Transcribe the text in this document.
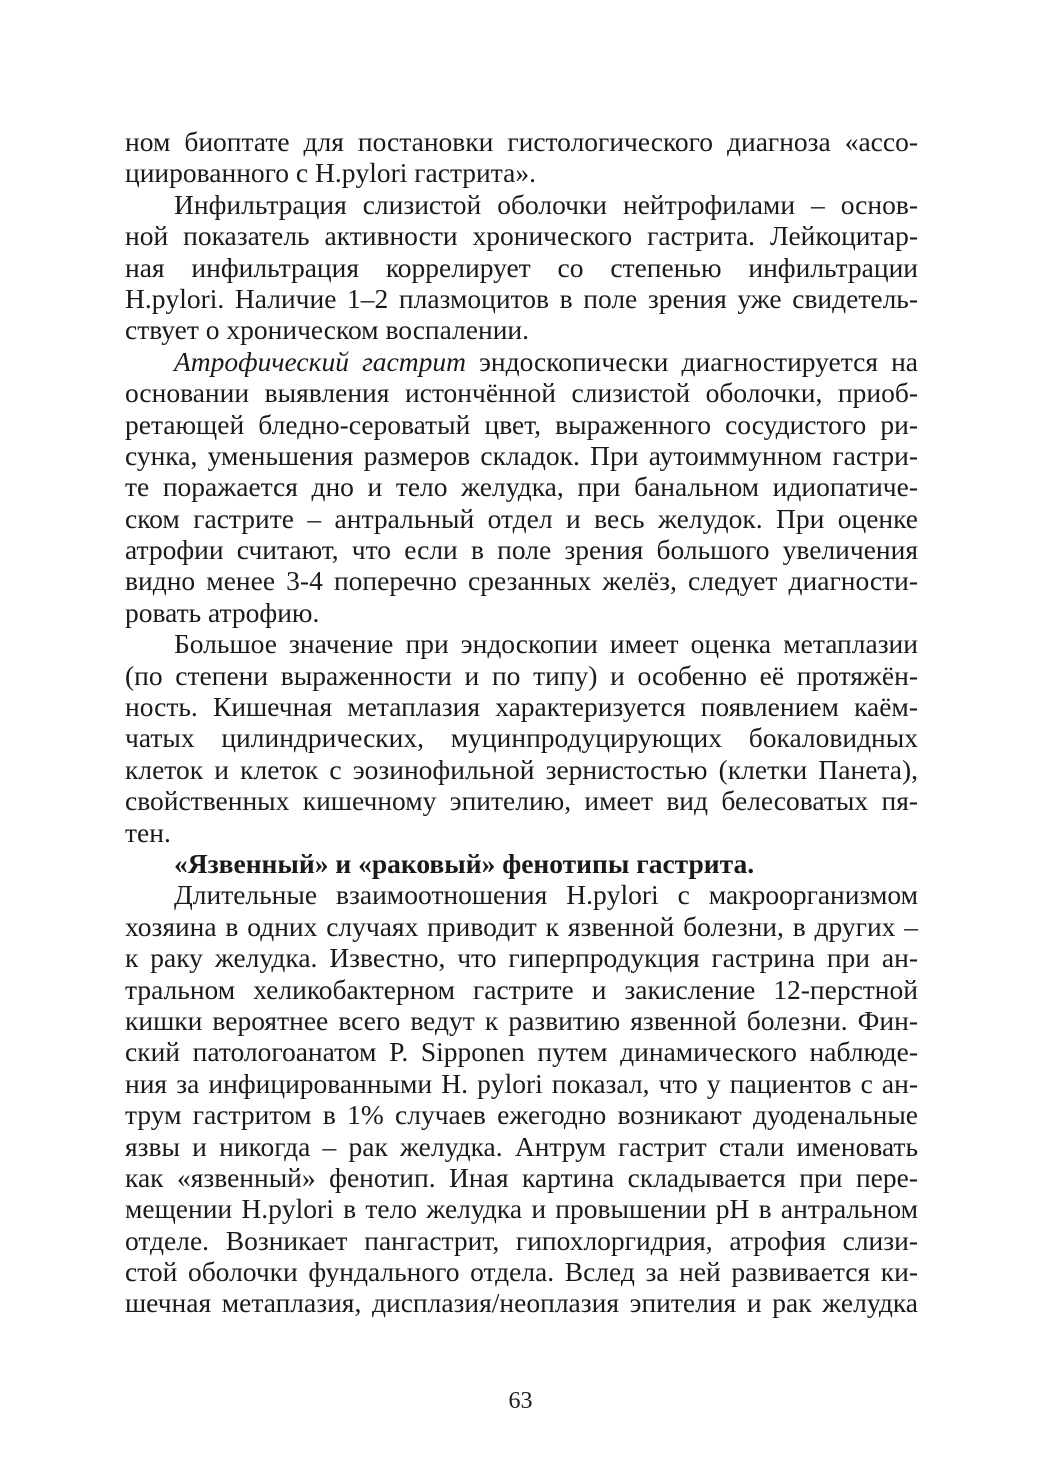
ном биоптате для постановки гистологического диагноза «ассо-
циированного с H.pylori гастрита».
Инфильтрация слизистой оболочки нейтрофилами – основ-
ной показатель активности хронического гастрита. Лейкоцитар-
ная инфильтрация коррелирует со степенью инфильтрации
H.pylori. Наличие 1–2 плазмоцитов в поле зрения уже свидетель-
ствует о хроническом воспалении.
Атрофический гастрит эндоскопически диагностируется на
основании выявления истончённой слизистой оболочки, приоб-
ретающей бледно-сероватый цвет, выраженного сосудистого ри-
сунка, уменьшения размеров складок. При аутоиммунном гастри-
те поражается дно и тело желудка, при банальном идиопатиче-
ском гастрите – антральный отдел и весь желудок. При оценке
атрофии считают, что если в поле зрения большого увеличения
видно менее 3-4 поперечно срезанных желёз, следует диагности-
ровать атрофию.
Большое значение при эндоскопии имеет оценка метаплазии
(по степени выраженности и по типу) и особенно её протяжён-
ность. Кишечная метаплазия характеризуется появлением каём-
чатых цилиндрических, муцинпродуцирующих бокаловидных
клеток и клеток с эозинофильной зернистостью (клетки Панета),
свойственных кишечному эпителию, имеет вид белесоватых пя-
тен.
«Язвенный» и «раковый» фенотипы гастрита.
Длительные взаимоотношения H.pylori с макроорганизмом
хозяина в одних случаях приводит к язвенной болезни, в других –
к раку желудка. Известно, что гиперпродукция гастрина при ан-
тральном хеликобактерном гастрите и закисление 12-перстной
кишки вероятнее всего ведут к развитию язвенной болезни. Фин-
ский патологоанатом P. Sipponen путем динамического наблюде-
ния за инфицированными H. pylori показал, что у пациентов с ан-
трум гастритом в 1% случаев ежегодно возникают дуоденальные
язвы и никогда – рак желудка. Антрум гастрит стали именовать
как «язвенный» фенотип. Иная картина складывается при пере-
мещении H.pylori в тело желудка и провышении pH в антральном
отделе. Возникает пангастрит, гипохлоргидрия, атрофия слизи-
стой оболочки фундального отдела. Вслед за ней развивается ки-
шечная метаплазия, дисплазия/неоплазия эпителия и рак желудка
63
